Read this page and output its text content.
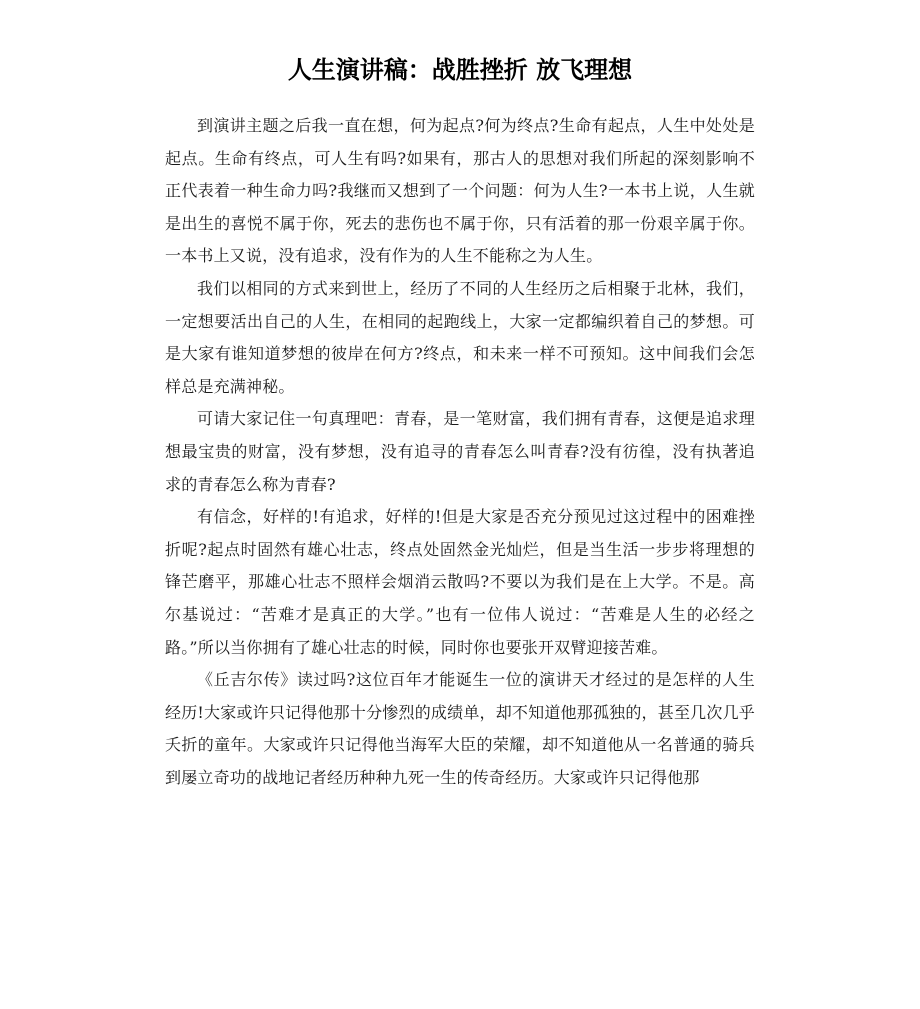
人生演讲稿：战胜挫折 放飞理想

到演讲主题之后我一直在想，何为起点?何为终点?生命有起点，人生中处处是起点。生命有终点，可人生有吗?如果有，那古人的思想对我们所起的深刻影响不正代表着一种生命力吗?我继而又想到了一个问题：何为人生?一本书上说，人生就是出生的喜悦不属于你，死去的悲伤也不属于你，只有活着的那一份艰辛属于你。一本书上又说，没有追求，没有作为的人生不能称之为人生。

我们以相同的方式来到世上，经历了不同的人生经历之后相聚于北林，我们，一定想要活出自己的人生，在相同的起跑线上，大家一定都编织着自己的梦想。可是大家有谁知道梦想的彼岸在何方?终点，和未来一样不可预知。这中间我们会怎样总是充满神秘。

可请大家记住一句真理吧：青春，是一笔财富，我们拥有青春，这便是追求理想最宝贵的财富，没有梦想，没有追寻的青春怎么叫青春?没有彷徨，没有执著追求的青春怎么称为青春?

有信念，好样的!有追求，好样的!但是大家是否充分预见过这过程中的困难挫折呢?起点时固然有雄心壮志，终点处固然金光灿烂，但是当生活一步步将理想的锋芒磨平，那雄心壮志不照样会烟消云散吗?不要以为我们是在上大学。不是。高尔基说过：“苦难才是真正的大学。”也有一位伟人说过：“苦难是人生的必经之路。”所以当你拥有了雄心壮志的时候，同时你也要张开双臂迎接苦难。

《丘吉尔传》读过吗?这位百年才能诞生一位的演讲天才经过的是怎样的人生经历!大家或许只记得他那十分惨烈的成绩单，却不知道他那孤独的，甚至几次几乎夭折的童年。大家或许只记得他当海军大臣的荣耀，却不知道他从一名普通的骑兵到屡立奇功的战地记者经历种种九死一生的传奇经历。大家或许只记得他那
